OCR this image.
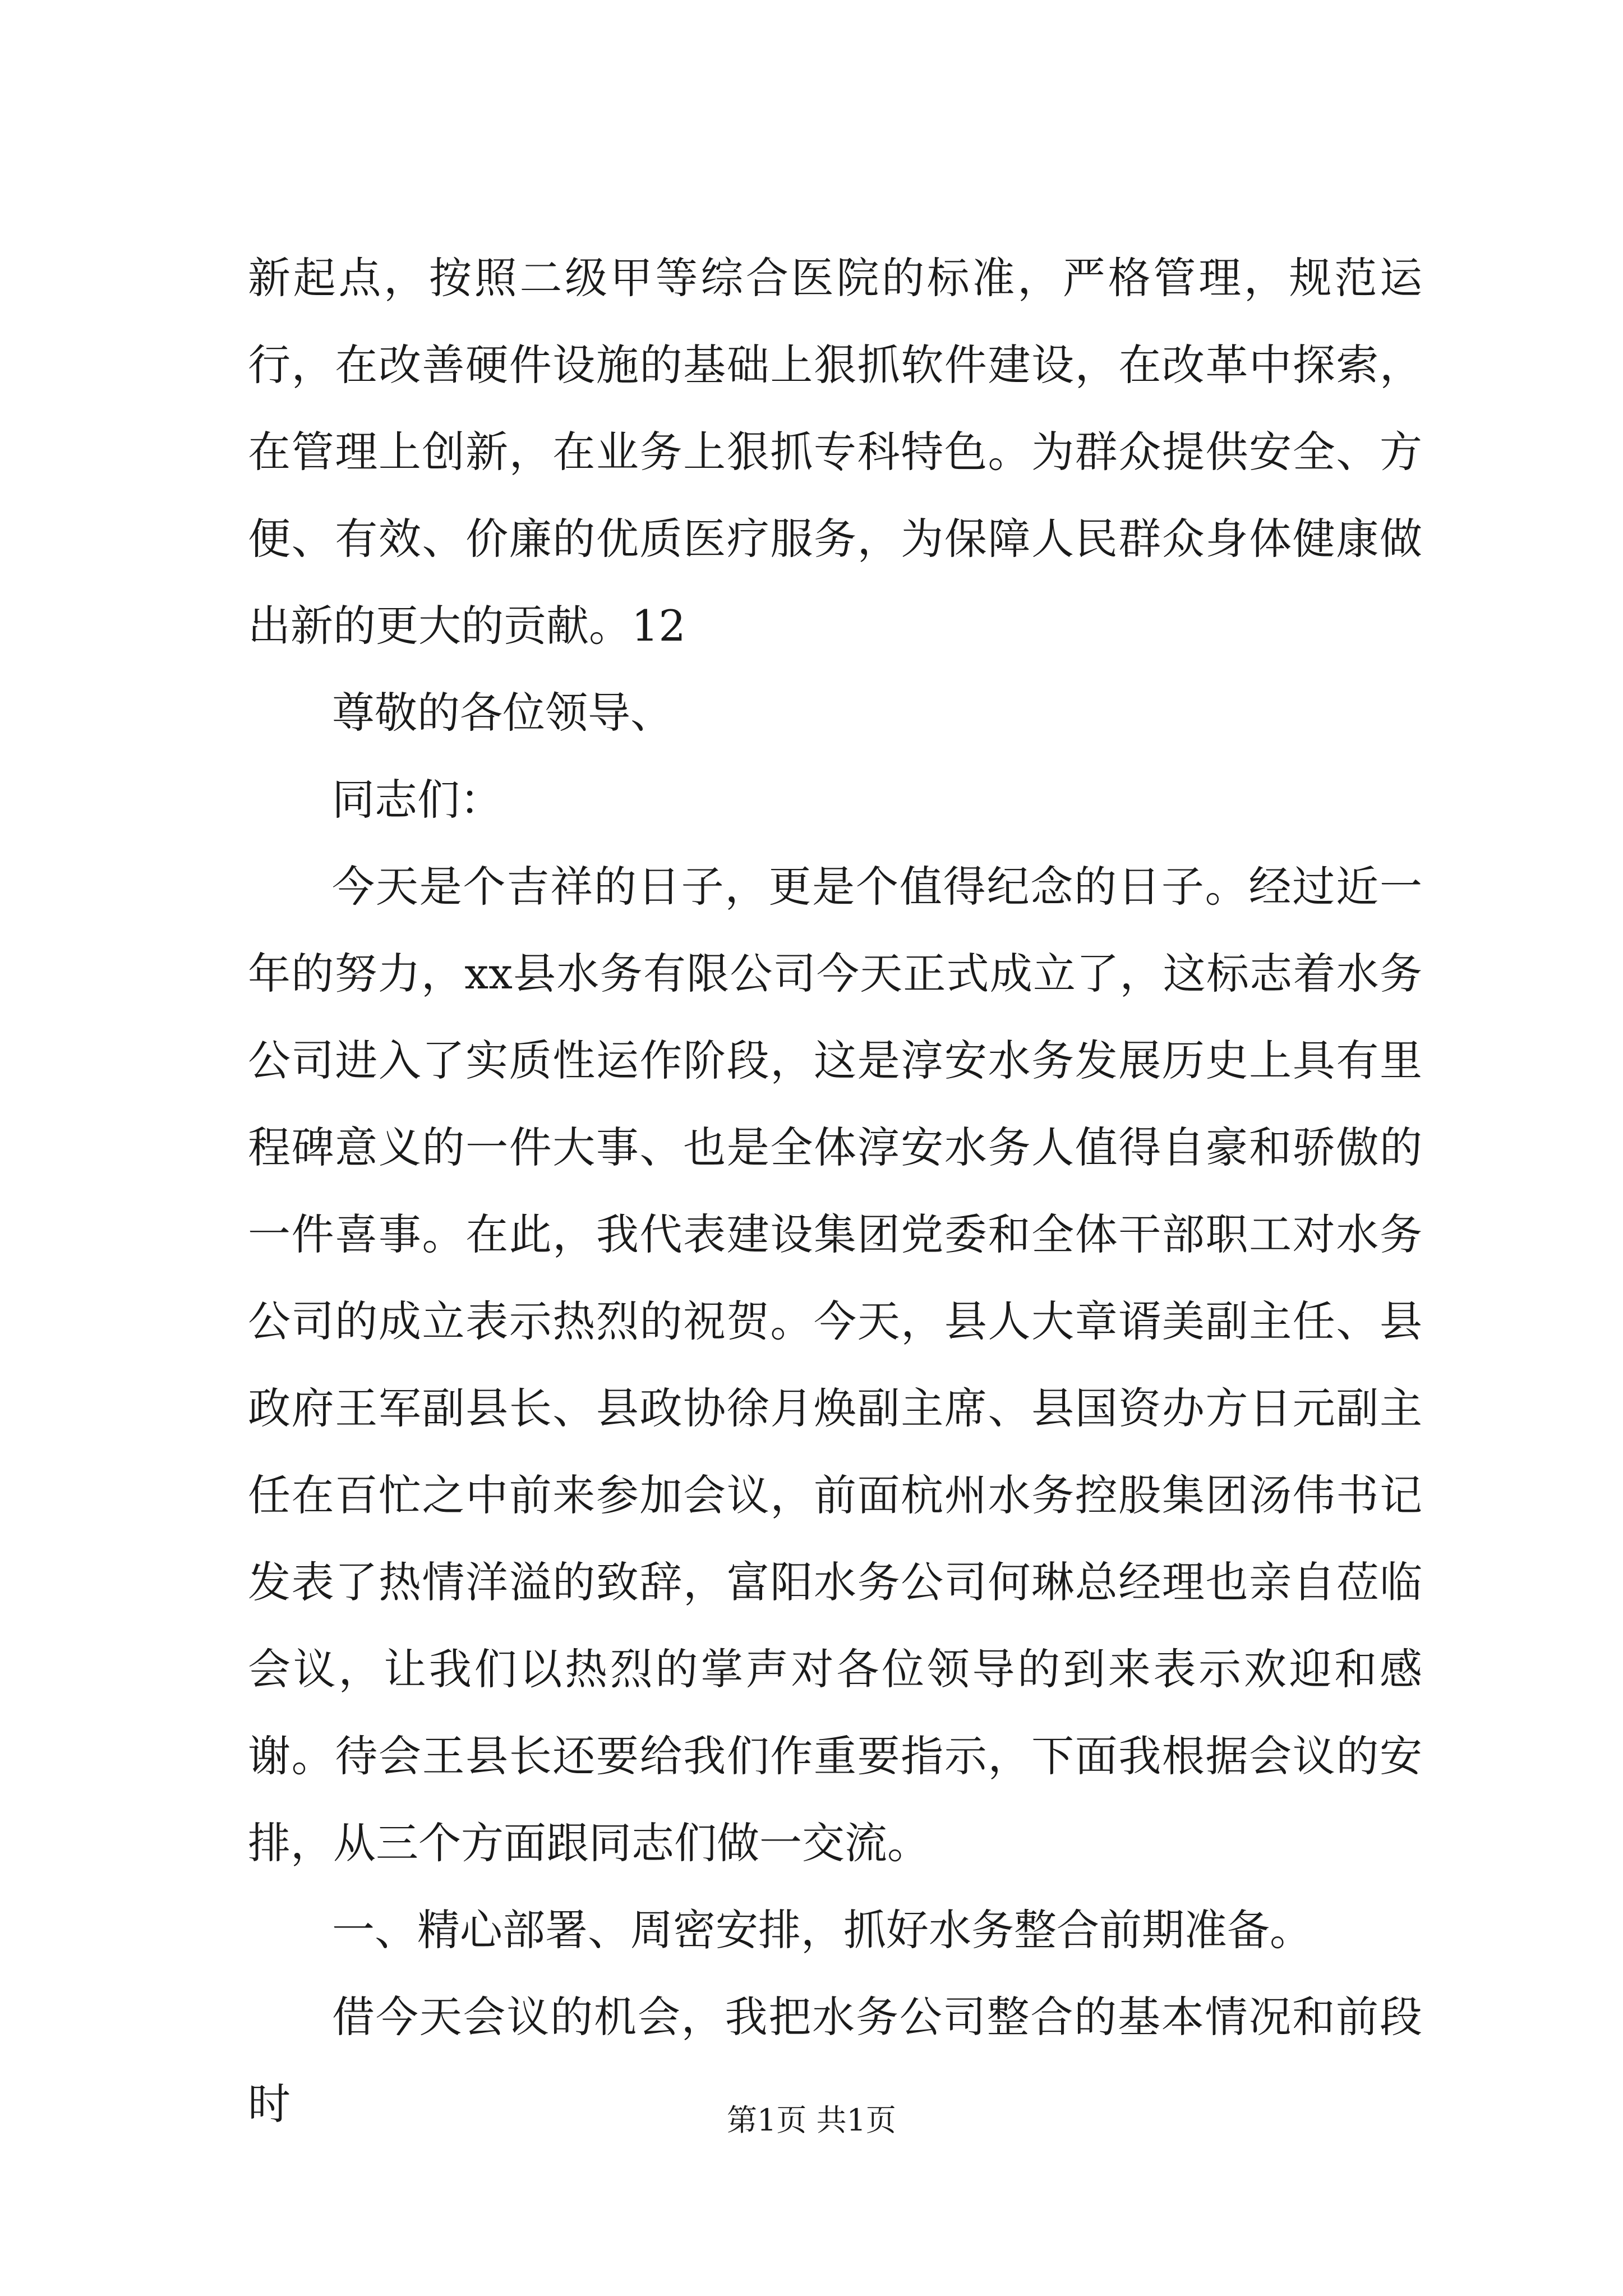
新起点，按照二级甲等综合医院的标准，严格管理，规范运行，在改善硬件设施的基础上狠抓软件建设，在改革中探索，在管理上创新，在业务上狠抓专科特色。为群众提供安全、方便、有效、价廉的优质医疗服务，为保障人民群众身体健康做出新的更大的贡献。12

尊敬的各位领导、

同志们：

今天是个吉祥的日子，更是个值得纪念的日子。经过近一年的努力，xx县水务有限公司今天正式成立了，这标志着水务公司进入了实质性运作阶段，这是淳安水务发展历史上具有里程碑意义的一件大事、也是全体淳安水务人值得自豪和骄傲的一件喜事。在此，我代表建设集团党委和全体干部职工对水务公司的成立表示热烈的祝贺。今天，县人大章谞美副主任、县政府王军副县长、县政协徐月焕副主席、县国资办方日元副主任在百忙之中前来参加会议，前面杭州水务控股集团汤伟书记发表了热情洋溢的致辞，富阳水务公司何琳总经理也亲自莅临会议，让我们以热烈的掌声对各位领导的到来表示欢迎和感谢。待会王县长还要给我们作重要指示，下面我根据会议的安排，从三个方面跟同志们做一交流。

一、精心部署、周密安排，抓好水务整合前期准备。

借今天会议的机会，我把水务公司整合的基本情况和前段时	第1页 共1页
